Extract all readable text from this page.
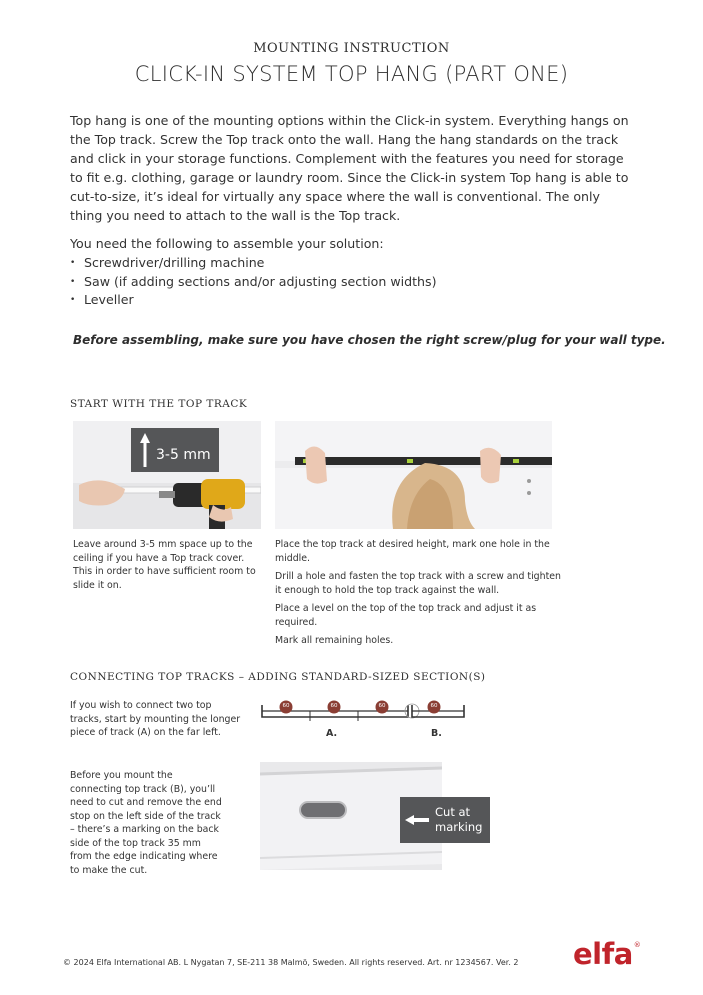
MOUNTING INSTRUCTION
CLICK-IN SYSTEM TOP HANG (PART ONE)

Top hang is one of the mounting options within the Click-in system. Everything hangs on the Top track. Screw the Top track onto the wall. Hang the hang standards on the track and click in your storage functions. Complement with the features you need for storage to fit e.g. clothing, garage or laundry room. Since the Click-in system Top hang is able to cut-to-size, it’s ideal for virtually any space where the wall is conventional. The only thing you need to attach to the wall is the Top track.

You need the following to assemble your solution:
• Screwdriver/drilling machine
• Saw (if adding sections and/or adjusting section widths)
• Leveller
Before assembling, make sure you have chosen the right screw/plug for your wall type.
START WITH THE TOP TRACK
3-5 mm
Leave around 3-5 mm space up to the ceiling if you have a Top track cover. This in order to have sufficient room to slide it on.

Place the top track at desired height, mark one hole in the middle.

Drill a hole and fasten the top track with a screw and tighten it enough to hold the top track against the wall.

Place a level on the top of the top track and adjust it as required.

Mark all remaining holes.

CONNECTING TOP TRACKS – ADDING STANDARD-SIZED SECTION(S)
If you wish to connect two top tracks, start by mounting the longer piece of track (A) on the far left.
60	60	60	60
A.	B.
Before you mount the connecting top track (B), you’ll need to cut and remove the end stop on the left side of the track – there’s a marking on the back side of the top track 35 mm from the edge indicating where to make the cut.
Cut at marking
© 2024 Elfa International AB. L Nygatan 7, SE-211 38 Malmö, Sweden. All rights reserved. Art. nr 1234567. Ver. 2 elfa®
